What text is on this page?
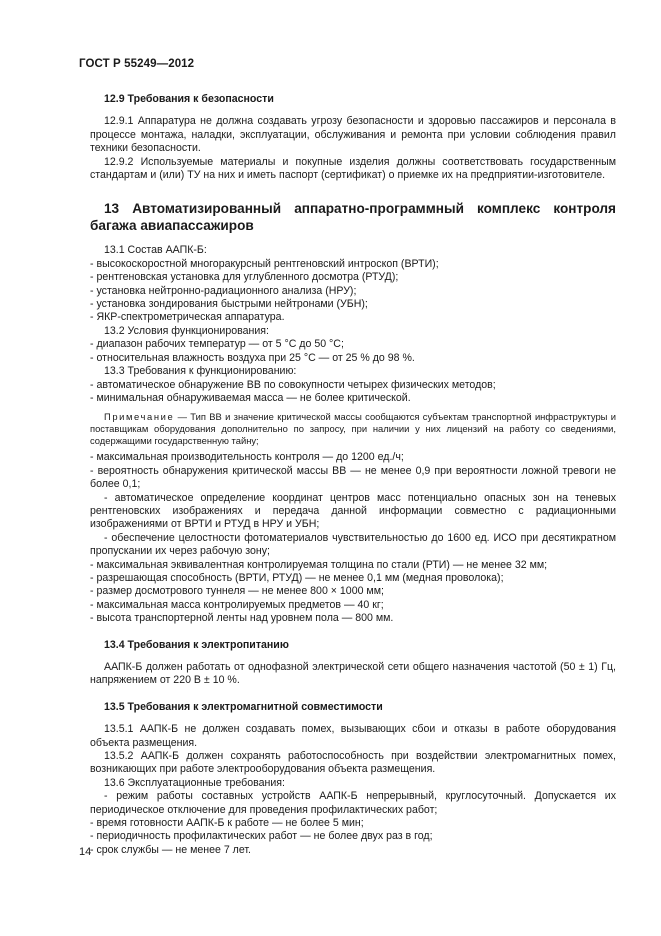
ГОСТ Р 55249—2012

12.9 Требования к безопасности

12.9.1 Аппаратура не должна создавать угрозу безопасности и здоровью пассажиров и персонала в процессе монтажа, наладки, эксплуатации, обслуживания и ремонта при условии соблюдения правил техники безопасности.

12.9.2 Используемые материалы и покупные изделия должны соответствовать государственным стандартам и (или) ТУ на них и иметь паспорт (сертификат) о приемке их на предприятии-изготовителе.

13 Автоматизированный аппаратно-программный комплекс контроля багажа авиапассажиров

13.1 Состав ААПК-Б:

- высокоскоростной многоракурсный рентгеновский интроскоп (ВРТИ);

- рентгеновская установка для углубленного досмотра (РТУД);

- установка нейтронно-радиационного анализа (НРУ);

- установка зондирования быстрыми нейтронами (УБН);

- ЯКР-спектрометрическая аппаратура.

13.2 Условия функционирования:

- диапазон рабочих температур — от 5 °С до 50 °С;

- относительная влажность воздуха при 25 °С — от 25 % до 98 %.

13.3 Требования к функционированию:

- автоматическое обнаружение ВВ по совокупности четырех физических методов;

- минимальная обнаруживаемая масса — не более критической.

Примечание — Тип ВВ и значение критической массы сообщаются субъектам транспортной инфраструктуры и поставщикам оборудования дополнительно по запросу, при наличии у них лицензий на работу со сведениями, содержащими государственную тайну;

- максимальная производительность контроля — до 1200 ед./ч;

- вероятность обнаружения критической массы ВВ — не менее 0,9 при вероятности ложной тревоги не более 0,1;

- автоматическое определение координат центров масс потенциально опасных зон на теневых рентгеновских изображениях и передача данной информации совместно с радиационными изображениями от ВРТИ и РТУД в НРУ и УБН;

- обеспечение целостности фотоматериалов чувствительностью до 1600 ед. ИСО при десятикратном пропускании их через рабочую зону;

- максимальная эквивалентная контролируемая толщина по стали (РТИ) — не менее 32 мм;

- разрешающая способность (ВРТИ, РТУД) — не менее 0,1 мм (медная проволока);

- размер досмотрового туннеля — не менее 800 × 1000 мм;

- максимальная масса контролируемых предметов — 40 кг;

- высота транспортерной ленты над уровнем пола — 800 мм.

13.4 Требования к электропитанию

ААПК-Б должен работать от однофазной электрической сети общего назначения частотой (50 ± 1) Гц, напряжением от 220 В ± 10 %.

13.5 Требования к электромагнитной совместимости

13.5.1 ААПК-Б не должен создавать помех, вызывающих сбои и отказы в работе оборудования объекта размещения.

13.5.2 ААПК-Б должен сохранять работоспособность при воздействии электромагнитных помех, возникающих при работе электрооборудования объекта размещения.

13.6 Эксплуатационные требования:

- режим работы составных устройств ААПК-Б непрерывный, круглосуточный. Допускается их периодическое отключение для проведения профилактических работ;

- время готовности ААПК-Б к работе — не более 5 мин;

- периодичность профилактических работ — не более двух раз в год;

- срок службы — не менее 7 лет.

14
